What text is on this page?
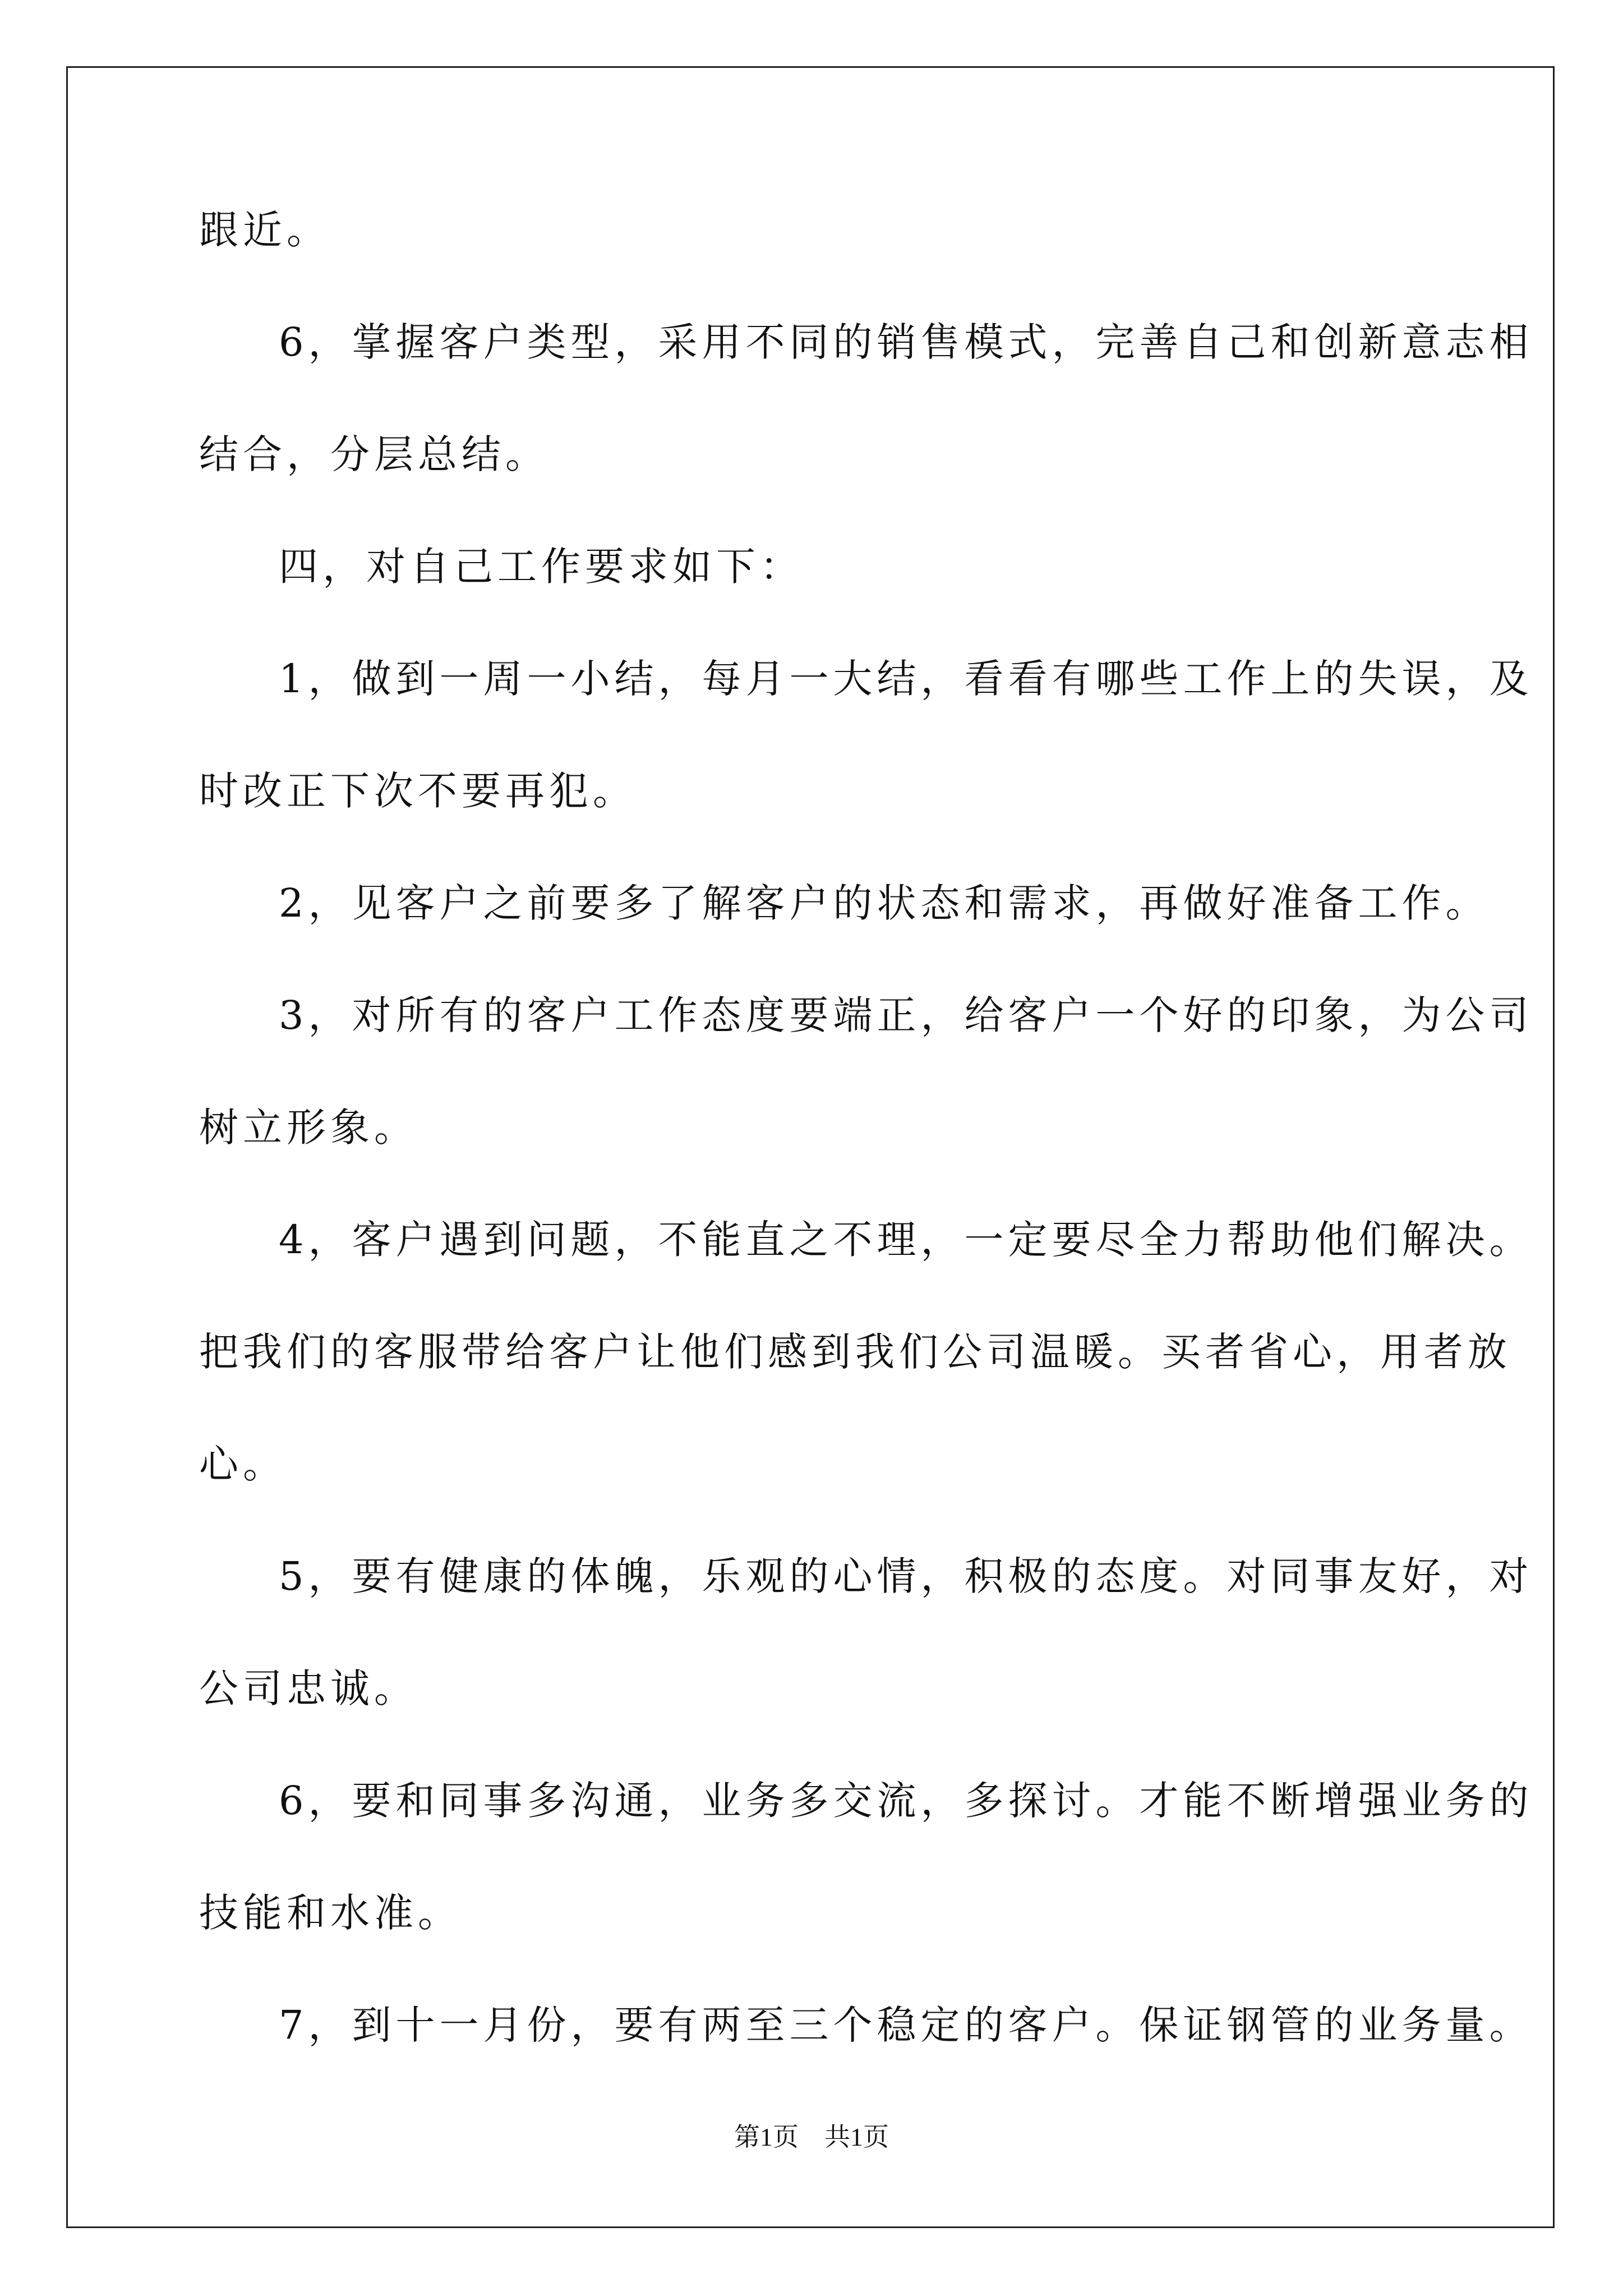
跟近。
6，掌握客户类型，采用不同的销售模式，完善自己和创新意志相
结合，分层总结。
四，对自己工作要求如下：
1，做到一周一小结，每月一大结，看看有哪些工作上的失误，及
时改正下次不要再犯。
2，见客户之前要多了解客户的状态和需求，再做好准备工作。
3，对所有的客户工作态度要端正，给客户一个好的印象，为公司
树立形象。
4，客户遇到问题，不能直之不理，一定要尽全力帮助他们解决。
把我们的客服带给客户让他们感到我们公司温暖。买者省心，用者放
心。
5，要有健康的体魄，乐观的心情，积极的态度。对同事友好，对
公司忠诚。
6，要和同事多沟通，业务多交流，多探讨。才能不断增强业务的
技能和水准。
7，到十一月份，要有两至三个稳定的客户。保证钢管的业务量。
第1页　共1页
